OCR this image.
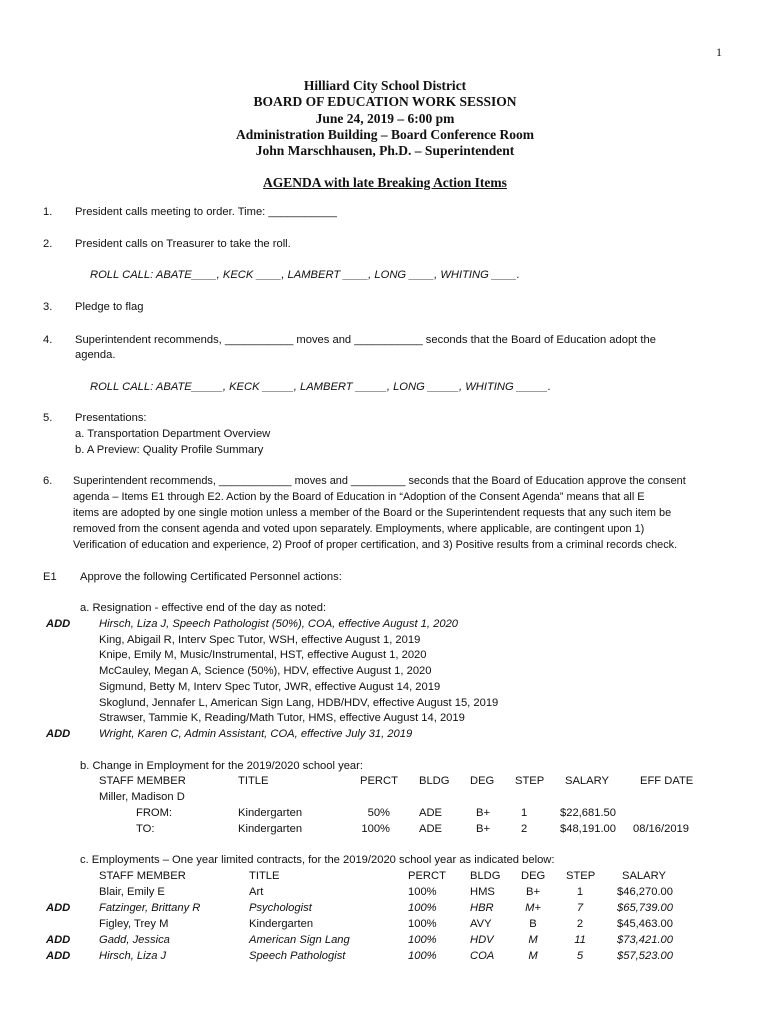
1
Hilliard City School District
BOARD OF EDUCATION WORK SESSION
June 24, 2019 – 6:00 pm
Administration Building – Board Conference Room
John Marschhausen, Ph.D. – Superintendent
AGENDA with late Breaking Action Items
1. President calls meeting to order. Time: ___________
2. President calls on Treasurer to take the roll.
ROLL CALL: ABATE____, KECK ____, LAMBERT ____, LONG ____, WHITING ____.
3. Pledge to flag
4. Superintendent recommends, ___________ moves and ___________ seconds that the Board of Education adopt the
agenda.
ROLL CALL: ABATE_____, KECK _____, LAMBERT _____, LONG _____, WHITING _____.
5. Presentations:
a. Transportation Department Overview
b. A Preview: Quality Profile Summary
6. Superintendent recommends, ____________ moves and _________ seconds that the Board of Education approve the consent
agenda – Items E1 through E2. Action by the Board of Education in “Adoption of the Consent Agenda” means that all E
items are adopted by one single motion unless a member of the Board or the Superintendent requests that any such item be
removed from the consent agenda and voted upon separately. Employments, where applicable, are contingent upon 1)
Verification of education and experience, 2) Proof of proper certification, and 3) Positive results from a criminal records check.
E1 Approve the following Certificated Personnel actions:
a. Resignation - effective end of the day as noted:
ADD	Hirsch, Liza J, Speech Pathologist (50%), COA, effective August 1, 2020
King, Abigail R, Interv Spec Tutor, WSH, effective August 1, 2019
Knipe, Emily M, Music/Instrumental, HST, effective August 1, 2020
McCauley, Megan A, Science (50%), HDV, effective August 1, 2020
Sigmund, Betty M, Interv Spec Tutor, JWR, effective August 14, 2019
Skoglund, Jennafer L, American Sign Lang, HDB/HDV, effective August 15, 2019
Strawser, Tammie K, Reading/Math Tutor, HMS, effective August 14, 2019
ADD	Wright, Karen C, Admin Assistant, COA, effective July 31, 2019
b. Change in Employment for the 2019/2020 school year:
STAFF MEMBER	TITLE	PERCT BLDG DEG STEP SALARY	EFF DATE
Miller, Madison D
FROM:	Kindergarten	50%	ADE	B+	1	$22,681.50
TO:	Kindergarten	100%	ADE	B+	2	$48,191.00 08/16/2019
c. Employments – One year limited contracts, for the 2019/2020 school year as indicated below:
STAFF MEMBER	TITLE	PERCT BLDG DEG STEP SALARY
Blair, Emily E	Art	100%	HMS	B+	1	$46,270.00
ADD	Fatzinger, Brittany R	Psychologist	100%	HBR	M+	7	$65,739.00
Figley, Trey M	Kindergarten	100%	AVY	B	2	$45,463.00
ADD	Gadd, Jessica	American Sign Lang	100%	HDV	M	11	$73,421.00
ADD	Hirsch, Liza J	Speech Pathologist	100%	COA	M	5	$57,523.00
